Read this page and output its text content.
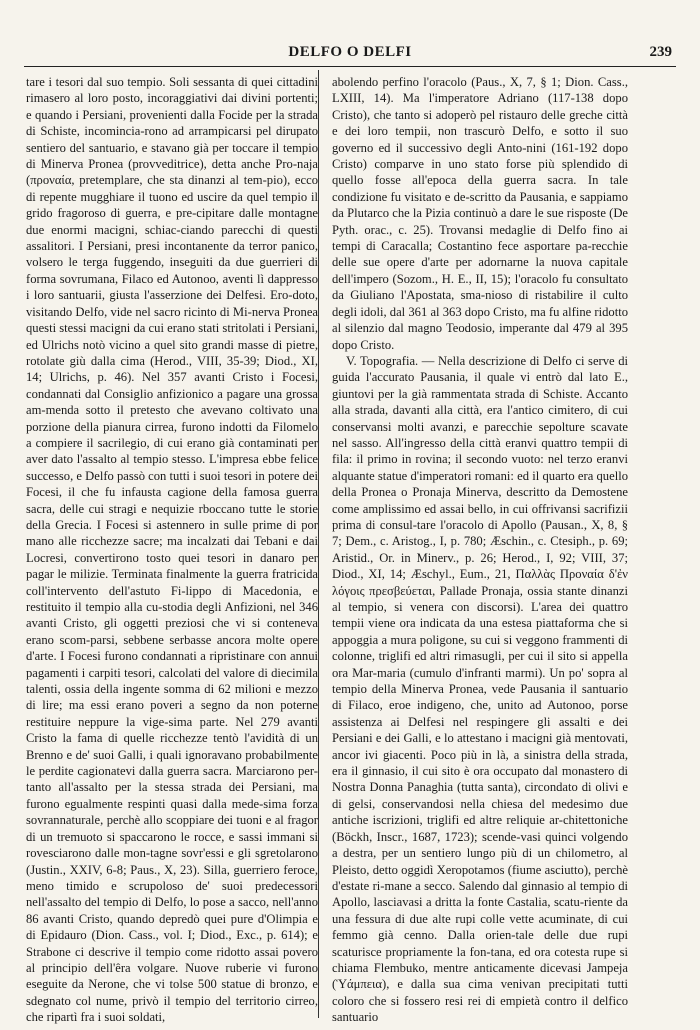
DELFO O DELFI	239

tare i tesori dal suo tempio. Soli sessanta di quei cittadini rimasero al loro posto, incoraggiativi dai divini portenti; e quando i Persiani, provenienti dalla Focide per la strada di Schiste, incomincia-rono ad arrampicarsi pel dirupato sentiero del santuario, e stavano già per toccare il tempio di Minerva Pronea (provveditrice), detta anche Pro-naja (προναία, pretemplare, che sta dinanzi al tem-pio), ecco di repente mugghiare il tuono ed uscire da quel tempio il grido fragoroso di guerra, e pre-cipitare dalle montagne due enormi macigni, schiac-ciando parecchi di questi assalitori. I Persiani, presi incontanente da terror panico, volsero le terga fuggendo, inseguiti da due guerrieri di forma sovrumana, Filaco ed Autonoo, aventi lì dappresso i loro santuarii, giusta l'asserzione dei Delfesi. Ero-doto, visitando Delfo, vide nel sacro ricinto di Mi-nerva Pronea questi stessi macigni da cui erano stati stritolati i Persiani, ed Ulrichs notò vicino a quel sito grandi masse di pietre, rotolate giù dalla cima (Herod., VIII, 35-39; Diod., XI, 14; Ulrichs, p. 46). Nel 357 avanti Cristo i Focesi, condannati dal Consiglio anfizionico a pagare una grossa am-menda sotto il pretesto che avevano coltivato una porzione della pianura cirrea, furono indotti da Filomelo a compiere il sacrilegio, di cui erano già contaminati per aver dato l'assalto al tempio stesso. L'impresa ebbe felice successo, e Delfo passò con tutti i suoi tesori in potere dei Focesi, il che fu infausta cagione della famosa guerra sacra, delle cui stragi e nequizie rboccano tutte le storie della Grecia. I Focesi si astennero in sulle prime di por mano alle ricchezze sacre; ma incalzati dai Tebani e dai Locresi, convertirono tosto quei tesori in danaro per pagar le milizie. Terminata finalmente la guerra fratricida coll'intervento dell'astuto Fi-lippo di Macedonia, e restituito il tempio alla cu-stodia degli Anfizioni, nel 346 avanti Cristo, gli oggetti preziosi che vi si conteneva erano scom-parsi, sebbene serbasse ancora molte opere d'arte. I Focesi furono condannati a ripristinare con annui pagamenti i carpiti tesori, calcolati del valore di diecimila talenti, ossia della ingente somma di 62 milioni e mezzo di lire; ma essi erano poveri a segno da non poterne restituire neppure la vige-sima parte. Nel 279 avanti Cristo la fama di quelle ricchezze tentò l'avidità di un Brenno e de' suoi Galli, i quali ignoravano probabilmente le perdite cagionatevi dalla guerra sacra. Marciarono per-tanto all'assalto per la stessa strada dei Persiani, ma furono egualmente respinti quasi dalla mede-sima forza sovrannaturale, perchè allo scoppiare dei tuoni e al fragor di un tremuoto si spaccarono le rocce, e sassi immani si rovesciarono dalle mon-tagne sovr'essi e gli sgretolarono (Justin., XXIV, 6-8; Paus., X, 23). Silla, guerriero feroce, meno timido e scrupoloso de' suoi predecessori nell'assalto del tempio di Delfo, lo pose a sacco, nell'anno 86 avanti Cristo, quando depredò quei pure d'Olimpia e di Epidauro (Dion. Cass., vol. I; Diod., Exc., p. 614); e Strabone ci descrive il tempio come ridotto assai povero al principio dell'êra volgare. Nuove ruberie vi furono eseguite da Nerone, che vi tolse 500 statue di bronzo, e sdegnato col nume, privò il tempio del territorio cirreo, che ripartì fra i suoi soldati,

abolendo perfino l'oracolo (Paus., X, 7, § 1; Dion. Cass., LXIII, 14). Ma l'imperatore Adriano (117-138 dopo Cristo), che tanto si adoperò pel ristauro delle greche città e dei loro tempii, non trascurò Delfo, e sotto il suo governo ed il successivo degli Anto-nini (161-192 dopo Cristo) comparve in uno stato forse più splendido di quello fosse all'epoca della guerra sacra. In tale condizione fu visitato e de-scritto da Pausania, e sappiamo da Plutarco che la Pizia continuò a dare le sue risposte (De Pyth. orac., c. 25). Trovansi medaglie di Delfo fino ai tempi di Caracalla; Costantino fece asportare pa-recchie delle sue opere d'arte per adornarne la nuova capitale dell'impero (Sozom., H. E., II, 15); l'oracolo fu consultato da Giuliano l'Apostata, sma-nioso di ristabilire il culto degli idoli, dal 361 al 363 dopo Cristo, ma fu alfine ridotto al silenzio dal magno Teodosio, imperante dal 479 al 395 dopo Cristo.

V. Topografia. — Nella descrizione di Delfo ci serve di guida l'accurato Pausania, il quale vi entrò dal lato E., giuntovi per la già rammentata strada di Schiste. Accanto alla strada, davanti alla città, era l'antico cimitero, di cui conservansi molti avanzi, e parecchie sepolture scavate nel sasso. All'ingresso della città eranvi quattro tempii di fila: il primo in rovina; il secondo vuoto: nel terzo eranvi alquante statue d'imperatori romani: ed il quarto era quello della Pronea o Pronaja Minerva, descritto da Demostene come amplissimo ed assai bello, in cui offrivansi sacrifizii prima di consul-tare l'oracolo di Apollo (Pausan., X, 8, § 7; Dem., c. Aristog., I, p. 780; Æschin., c. Ctesiph., p. 69; Aristid., Or. in Minerv., p. 26; Herod., I, 92; VIII, 37; Diod., XI, 14; Æschyl., Eum., 21, Παλλὰς Προναία δ'ἐν λόγοις πρεσβεύεται, Pallade Pronaja, ossia stante dinanzi al tempio, si venera con discorsi). L'area dei quattro tempii viene ora indicata da una estesa piattaforma che si appoggia a mura poligone, su cui si veggono frammenti di colonne, triglifi ed altri rimasugli, per cui il sito si appella ora Mar-maria (cumulo d'infranti marmi). Un po' sopra al tempio della Minerva Pronea, vede Pausania il santuario di Filaco, eroe indigeno, che, unito ad Autonoo, porse assistenza ai Delfesi nel respingere gli assalti e dei Persiani e dei Galli, e lo attestano i macigni già mentovati, ancor ivi giacenti. Poco più in là, a sinistra della strada, era il ginnasio, il cui sito è ora occupato dal monastero di Nostra Donna Panaghia (tutta santa), circondato di olivi e di gelsi, conservandosi nella chiesa del medesimo due antiche iscrizioni, triglifi ed altre reliquie ar-chitettoniche (Böckh, Inscr., 1687, 1723); scende-vasi quinci volgendo a destra, per un sentiero lungo più di un chilometro, al Pleisto, detto oggidì Xeropotamos (fiume asciutto), perchè d'estate ri-mane a secco. Salendo dal ginnasio al tempio di Apollo, lasciavasi a dritta la fonte Castalia, scatu-riente da una fessura di due alte rupi colle vette acuminate, di cui femmo già cenno. Dalla orien-tale delle due rupi scaturisce propriamente la fon-tana, ed ora cotesta rupe si chiama Flembuko, mentre anticamente dicevasi Jampeja (Ὑάμπεια), e dalla sua cima venivan precipitati tutti coloro che si fossero resi rei di empietà contro il delfico santuario
